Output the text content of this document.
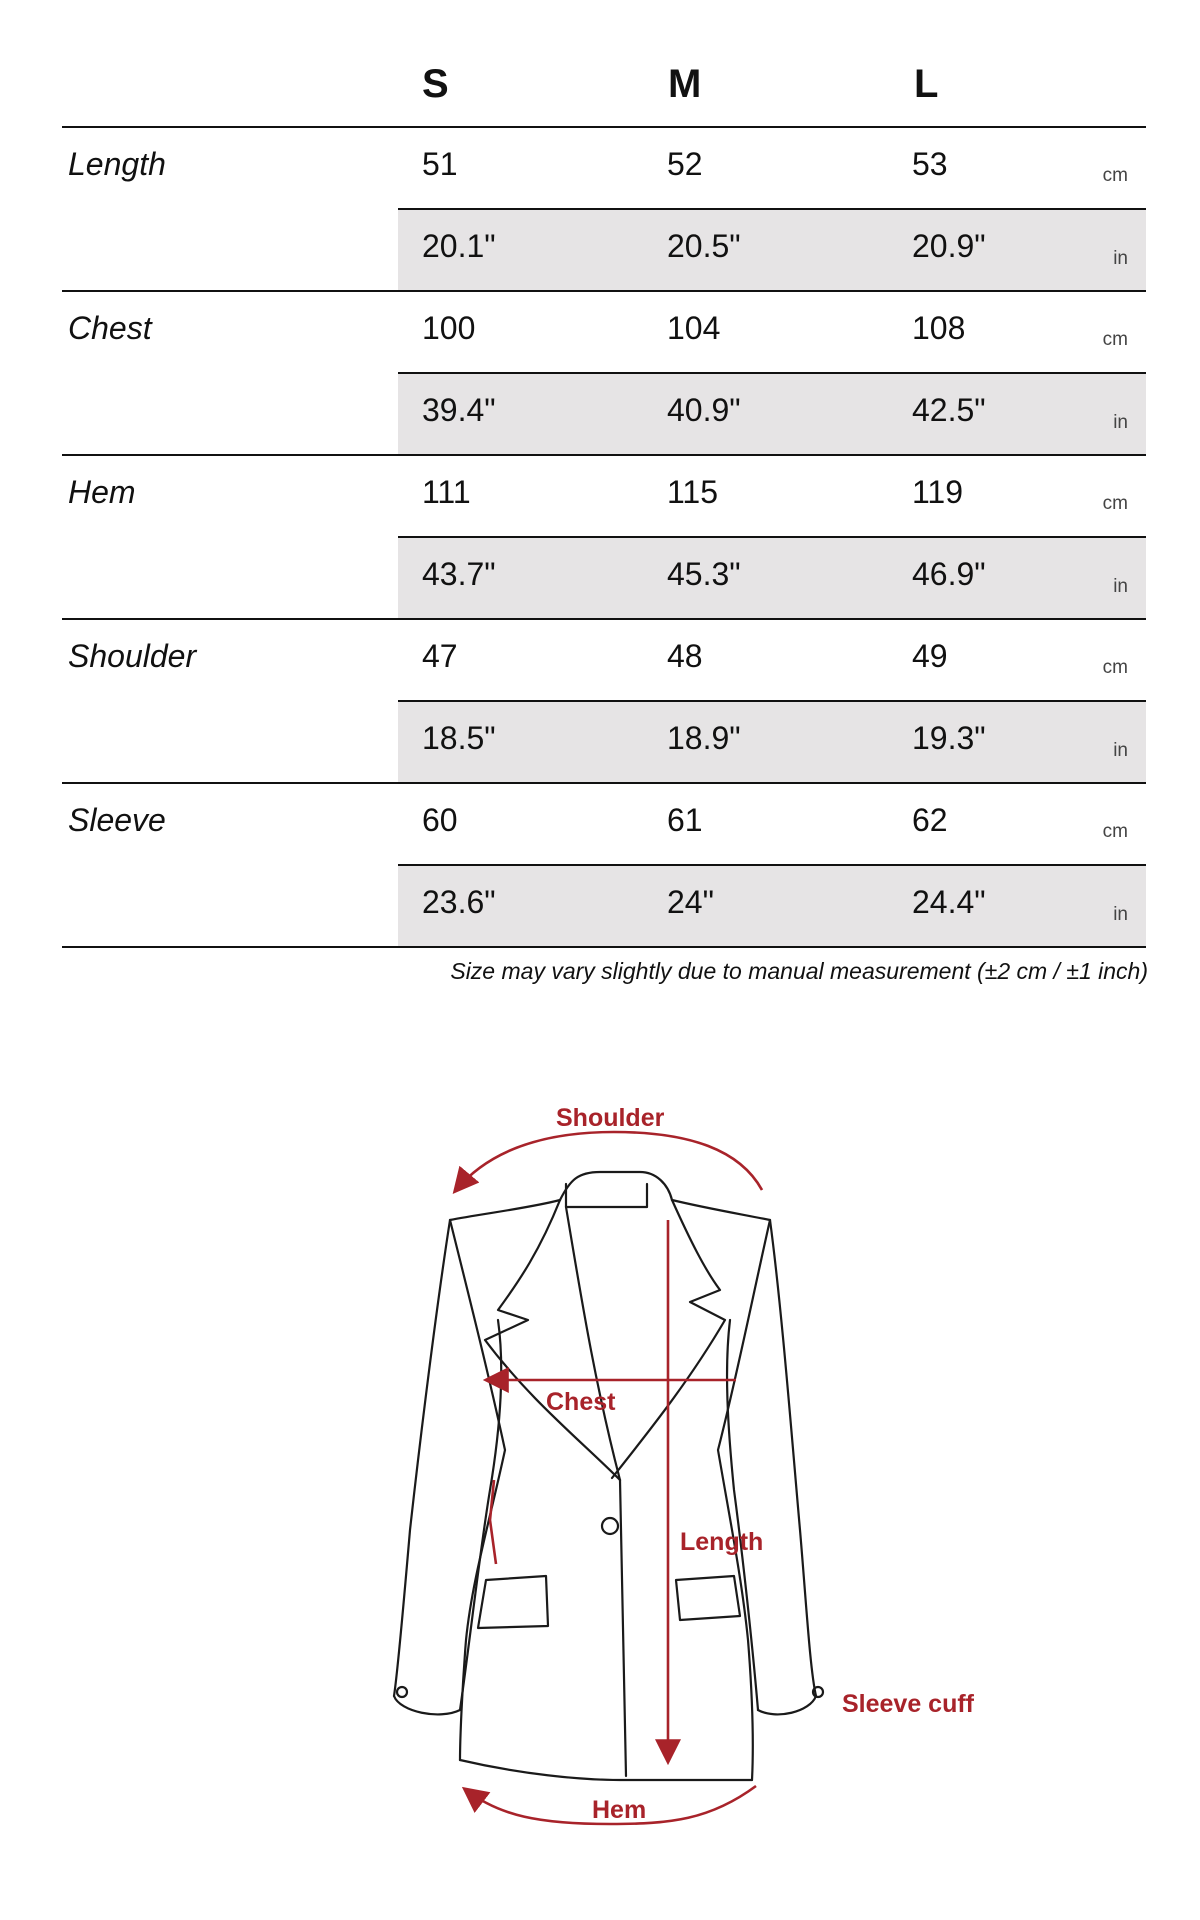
S	M	L
Length	51	52	53	cm
20.1"	20.5"	20.9"	in
Chest	100	104	108	cm
39.4"	40.9"	42.5"	in
Hem	111	115	119	cm
43.7"	45.3"	46.9"	in
Shoulder	47	48	49	cm
18.5"	18.9"	19.3"	in
Sleeve	60	61	62	cm
23.6"	24"	24.4"	in
Size may vary slightly due to manual measurement (±2 cm / ±1 inch)
Shoulder
Chest
Length
Sleeve cuff
Hem
